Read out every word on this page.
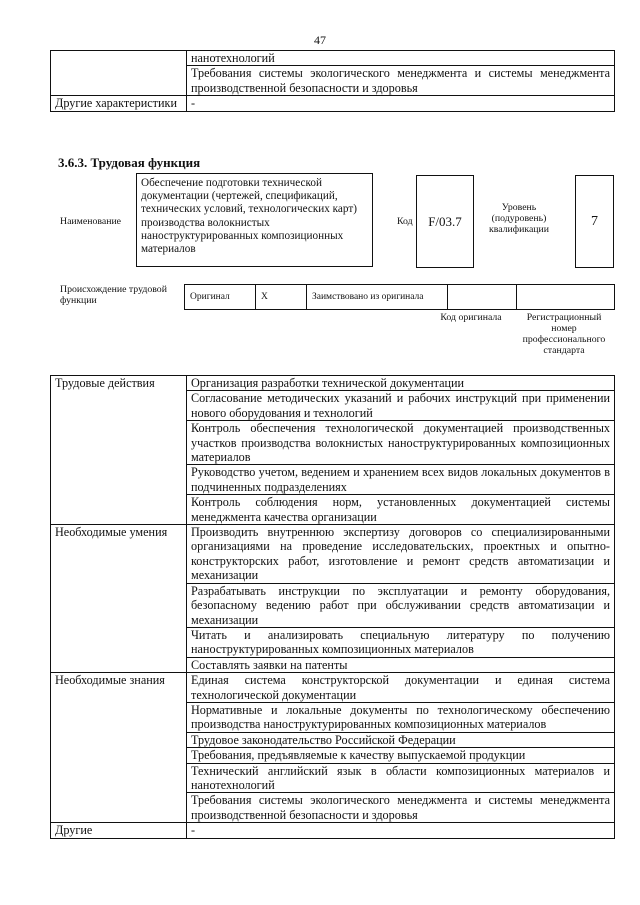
47
	нанотехнологий
	Требования системы экологического менеджмента и системы менеджмента производственной безопасности и здоровья
Другие характеристики	-
3.6.3. Трудовая функция
Наименование
Обеспечение подготовки технической документации (чертежей, спецификаций, технических условий, технологических карт) производства волокнистых наноструктурированных композиционных материалов
Код	F/03.7
Уровень (подуровень) квалификации
7
Происхождение трудовой функции	Оригинал	X	Заимствовано из оригинала		
Код оригинала	Регистрационный номер профессионального стандарта
Трудовые действия	Организация разработки технической документации
	Согласование методических указаний и рабочих инструкций при применении нового оборудования и технологий
	Контроль обеспечения технологической документацией производственных участков производства волокнистых наноструктурированных композиционных материалов
	Руководство учетом, ведением и хранением всех видов локальных документов в подчиненных подразделениях
	Контроль соблюдения норм, установленных документацией системы менеджмента качества организации
Необходимые умения	Производить внутреннюю экспертизу договоров со специализированными организациями на проведение исследовательских, проектных и опытно-конструкторских работ, изготовление и ремонт средств автоматизации и механизации
	Разрабатывать инструкции по эксплуатации и ремонту оборудования, безопасному ведению работ при обслуживании средств автоматизации и механизации
	Читать и анализировать специальную литературу по получению наноструктурированных композиционных материалов
	Составлять заявки на патенты
Необходимые знания	Единая система конструкторской документации и единая система технологической документации
	Нормативные и локальные документы по технологическому обеспечению производства наноструктурированных композиционных материалов
	Трудовое законодательство Российской Федерации
	Требования, предъявляемые к качеству выпускаемой продукции
	Технический английский язык в области композиционных материалов и нанотехнологий
	Требования системы экологического менеджмента и системы менеджмента производственной безопасности и здоровья
Другие	-
